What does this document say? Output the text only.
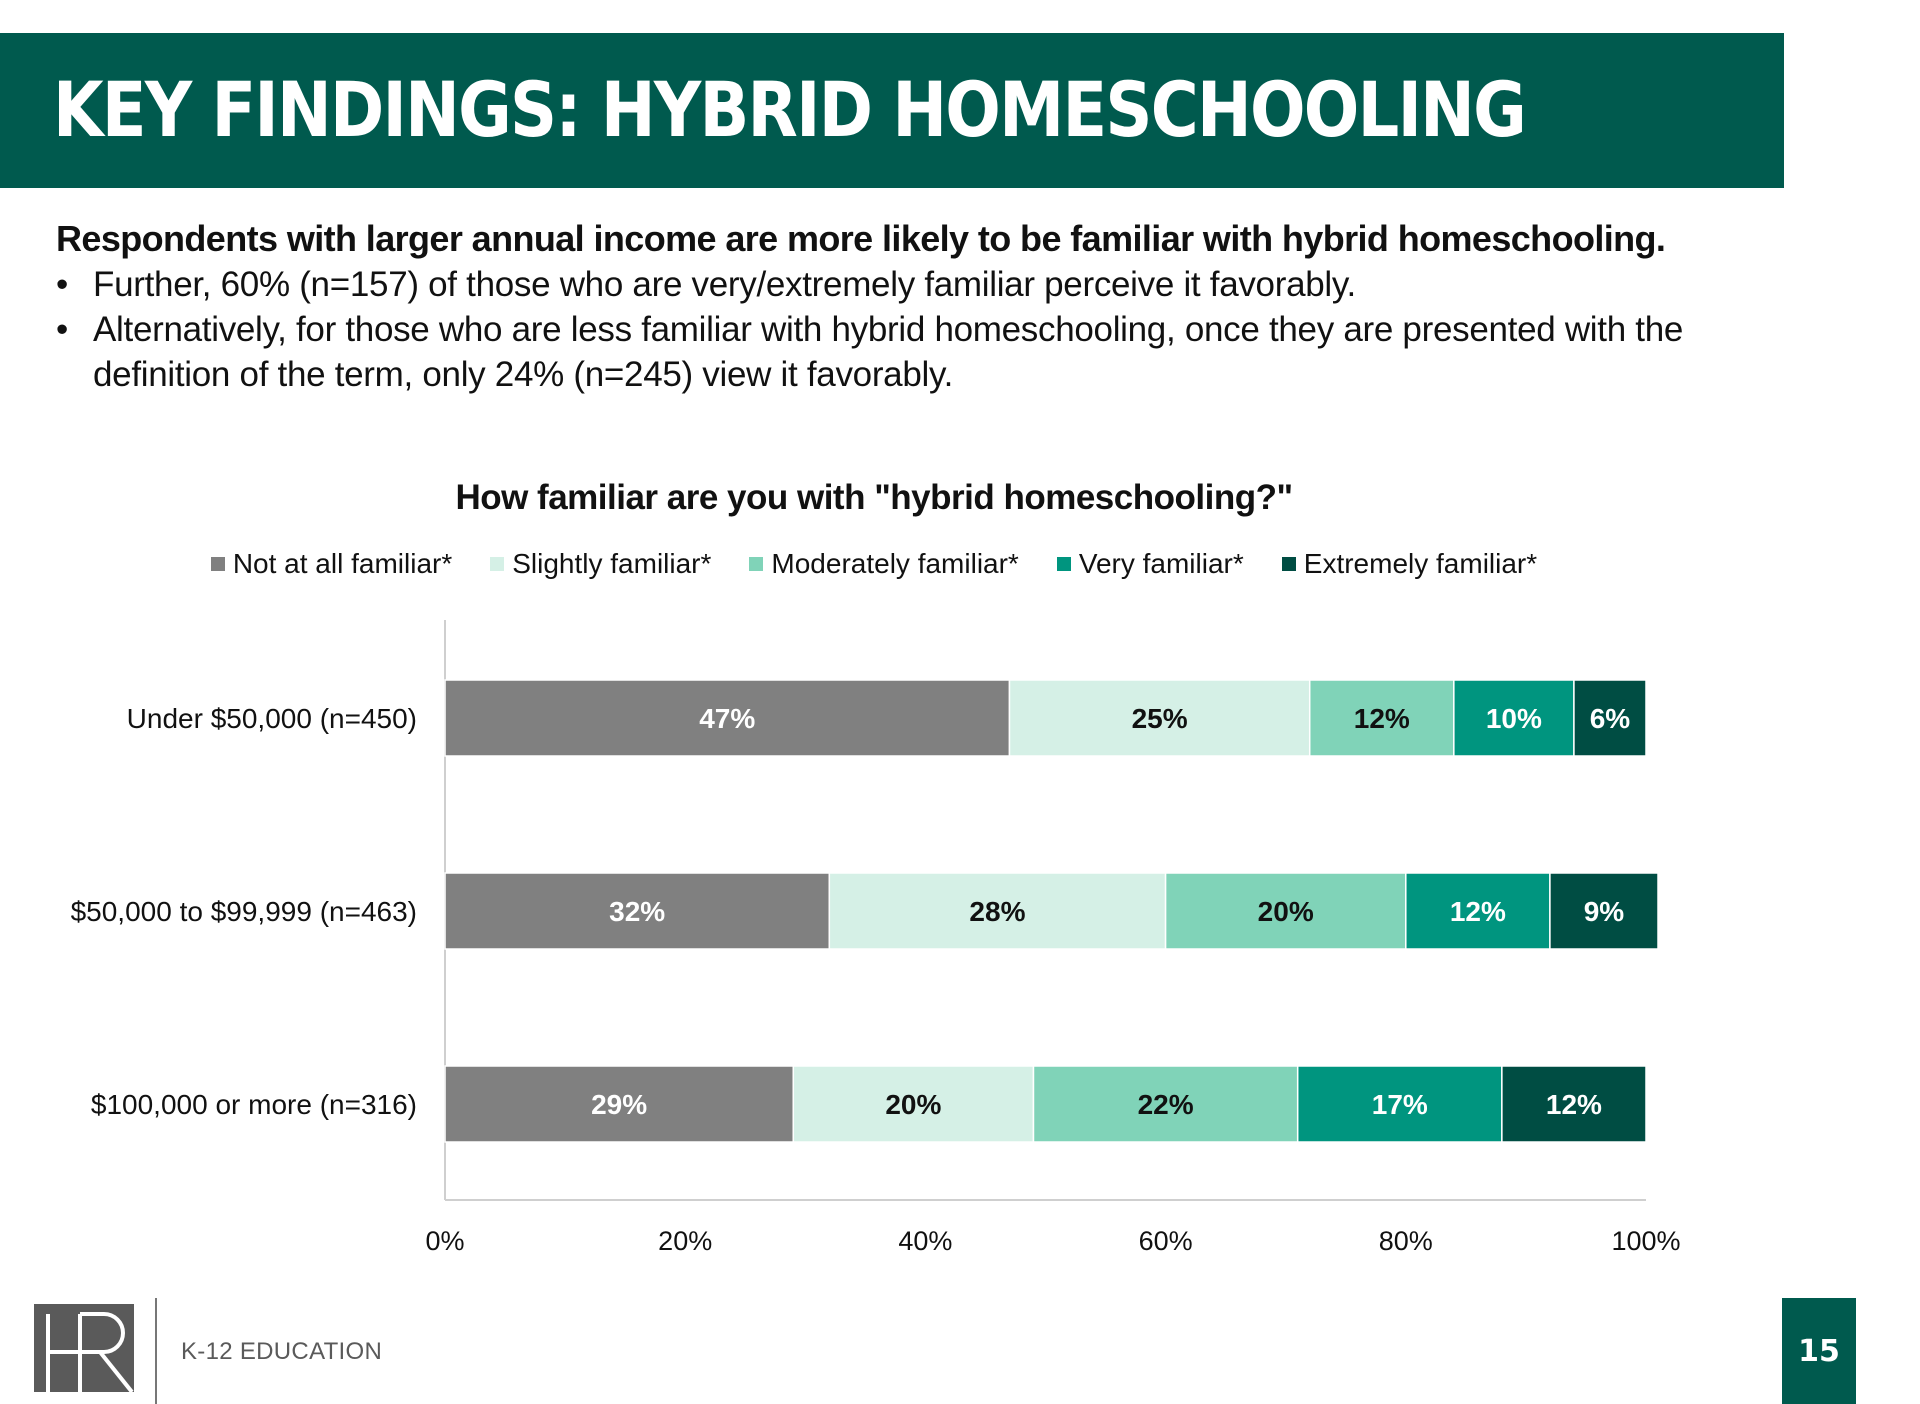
KEY FINDINGS: HYBRID HOMESCHOOLING

Respondents with larger annual income are more likely to be familiar with hybrid homeschooling.

• Further, 60% (n=157) of those who are very/extremely familiar perceive it favorably.
• Alternatively, for those who are less familiar with hybrid homeschooling, once they are presented with the definition of the term, only 24% (n=245) view it favorably.

How familiar are you with "hybrid homeschooling?"

Not at all familiar* Slightly familiar* Moderately familiar* Very familiar* Extremely familiar*
0%	20%	40%	60%	80%	100%
Under $50,000 (n=450)	47%	25%	12%	10% 6%
$50,000 to $99,999 (n=463)	32%	28%	20%	12%	9%
$100,000 or more (n=316)	29%	20%	22%	17%	12%
K-12 EDUCATION	15
